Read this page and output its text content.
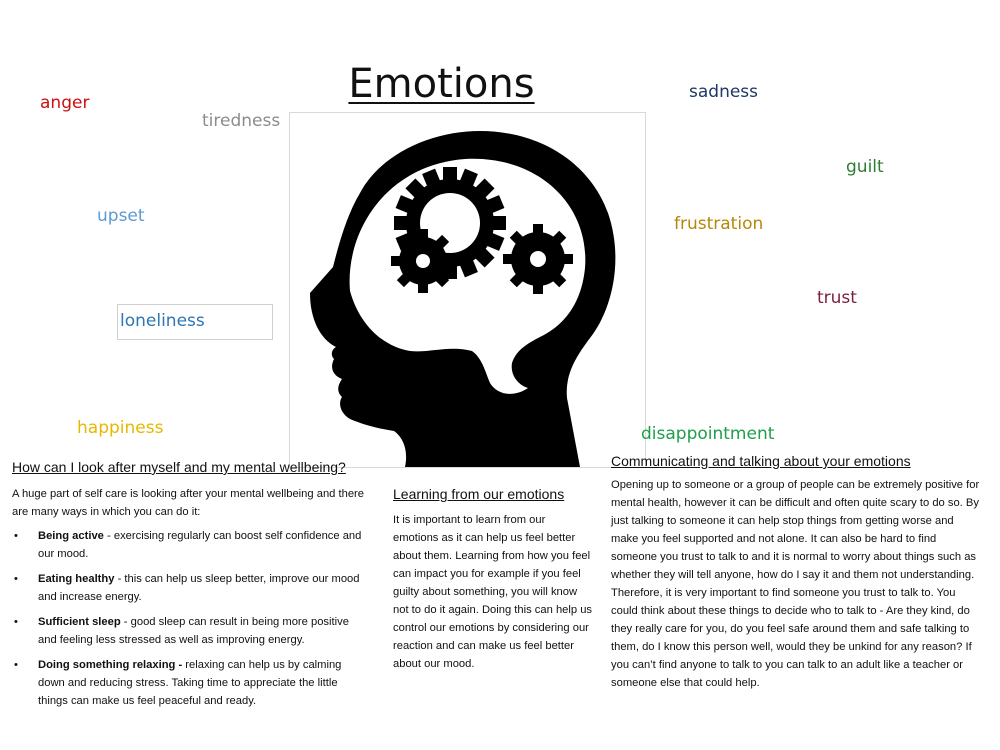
Emotions
anger
tiredness
sadness
guilt
upset	frustration
trust
loneliness
happiness	disappointment
How can I look after myself and my mental wellbeing?

A huge part of self care is looking after your mental wellbeing and there are many ways in which you can do it:

• Being active - exercising regularly can boost self confidence and our mood.
• Eating healthy - this can help us sleep better, improve our mood and increase energy.
• Sufficient sleep - good sleep can result in being more positive and feeling less stressed as well as improving energy.
• Doing something relaxing - relaxing can help us by calming down and reducing stress. Taking time to appreciate the little things can make us feel peaceful and ready.
Learning from our emotions

It is important to learn from our emotions as it can help us feel better about them. Learning from how you feel can impact you for example if you feel guilty about something, you will know not to do it again. Doing this can help us control our emotions by considering our reaction and can make us feel better about our mood.

Communicating and talking about your emotions

Opening up to someone or a group of people can be extremely positive for mental health, however it can be difficult and often quite scary to do so. By just talking to someone it can help stop things from getting worse and make you feel supported and not alone. It can also be hard to find someone you trust to talk to and it is normal to worry about things such as whether they will tell anyone, how do I say it and them not understanding. Therefore, it is very important to find someone you trust to talk to. You could think about these things to decide who to talk to - Are they kind, do they really care for you, do you feel safe around them and safe talking to them, do I know this person well, would they be unkind for any reason? If you can’t find anyone to talk to you can talk to an adult like a teacher or someone else that could help.
